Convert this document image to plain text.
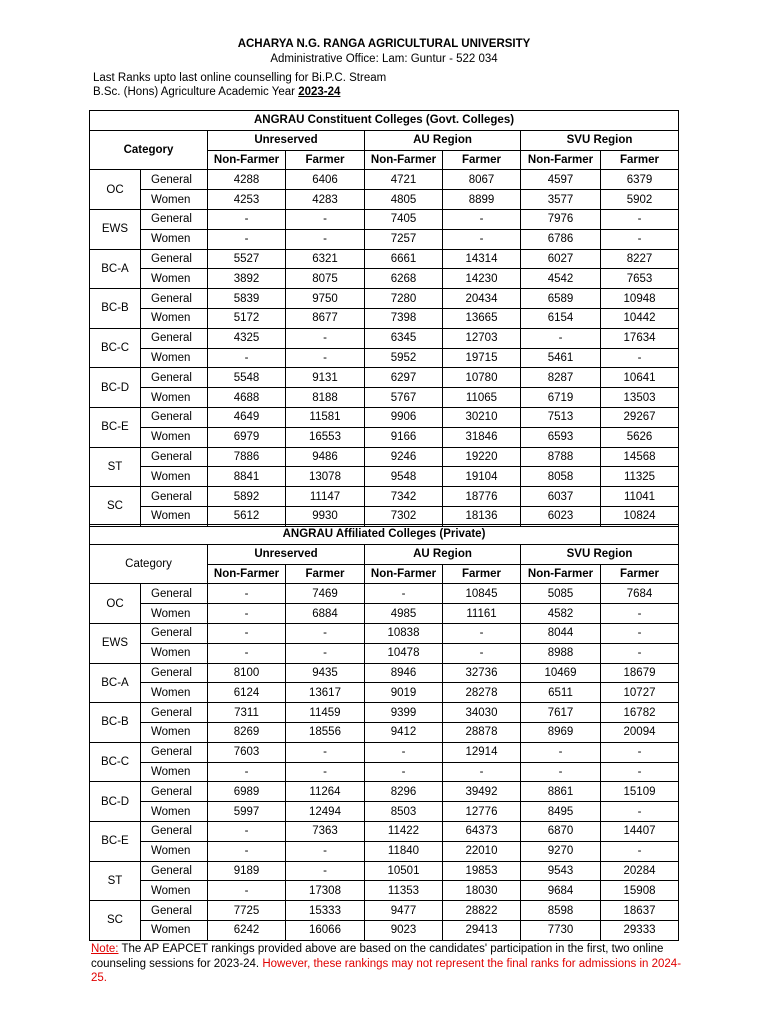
ACHARYA N.G. RANGA AGRICULTURAL UNIVERSITY
Administrative Office: Lam: Guntur - 522 034
Last Ranks upto last online counselling for Bi.P.C. Stream
B.Sc. (Hons) Agriculture Academic Year 2023-24
ANGRAU Constituent Colleges (Govt. Colleges)							
Category		Unreserved		AU Region		SVU Region	
		Non-Farmer	Farmer	Non-Farmer	Farmer	Non-Farmer	Farmer
OC	General	4288	6406	4721	8067	4597	6379
	Women	4253	4283	4805	8899	3577	5902
EWS	General	-	-	7405	-	7976	-
	Women	-	-	7257	-	6786	-
BC-A	General	5527	6321	6661	14314	6027	8227
	Women	3892	8075	6268	14230	4542	7653
BC-B	General	5839	9750	7280	20434	6589	10948
	Women	5172	8677	7398	13665	6154	10442
BC-C	General	4325	-	6345	12703	-	17634
	Women	-	-	5952	19715	5461	-
BC-D	General	5548	9131	6297	10780	8287	10641
	Women	4688	8188	5767	11065	6719	13503
BC-E	General	4649	11581	9906	30210	7513	29267
	Women	6979	16553	9166	31846	6593	5626
ST	General	7886	9486	9246	19220	8788	14568
	Women	8841	13078	9548	19104	8058	11325
SC	General	5892	11147	7342	18776	6037	11041
	Women	5612	9930	7302	18136	6023	10824
ANGRAU Affiliated Colleges (Private)							
Category		Unreserved		AU Region		SVU Region	
		Non-Farmer	Farmer	Non-Farmer	Farmer	Non-Farmer	Farmer
OC	General	-	7469	-	10845	5085	7684
	Women	-	6884	4985	11161	4582	-
EWS	General	-	-	10838	-	8044	-
	Women	-	-	10478	-	8988	-
BC-A	General	8100	9435	8946	32736	10469	18679
	Women	6124	13617	9019	28278	6511	10727
BC-B	General	7311	11459	9399	34030	7617	16782
	Women	8269	18556	9412	28878	8969	20094
BC-C	General	7603	-	-	12914	-	-
	Women	-	-	-	-	-	-
BC-D	General	6989	11264	8296	39492	8861	15109
	Women	5997	12494	8503	12776	8495	-
BC-E	General	-	7363	11422	64373	6870	14407
	Women	-	-	11840	22010	9270	-
ST	General	9189	-	10501	19853	9543	20284
	Women	-	17308	11353	18030	9684	15908
SC	General	7725	15333	9477	28822	8598	18637
	Women	6242	16066	9023	29413	7730	29333
Note: The AP EAPCET rankings provided above are based on the candidates' participation in the first, two online counseling sessions for 2023-24. However, these rankings may not represent the final ranks for admissions in 2024-25.
